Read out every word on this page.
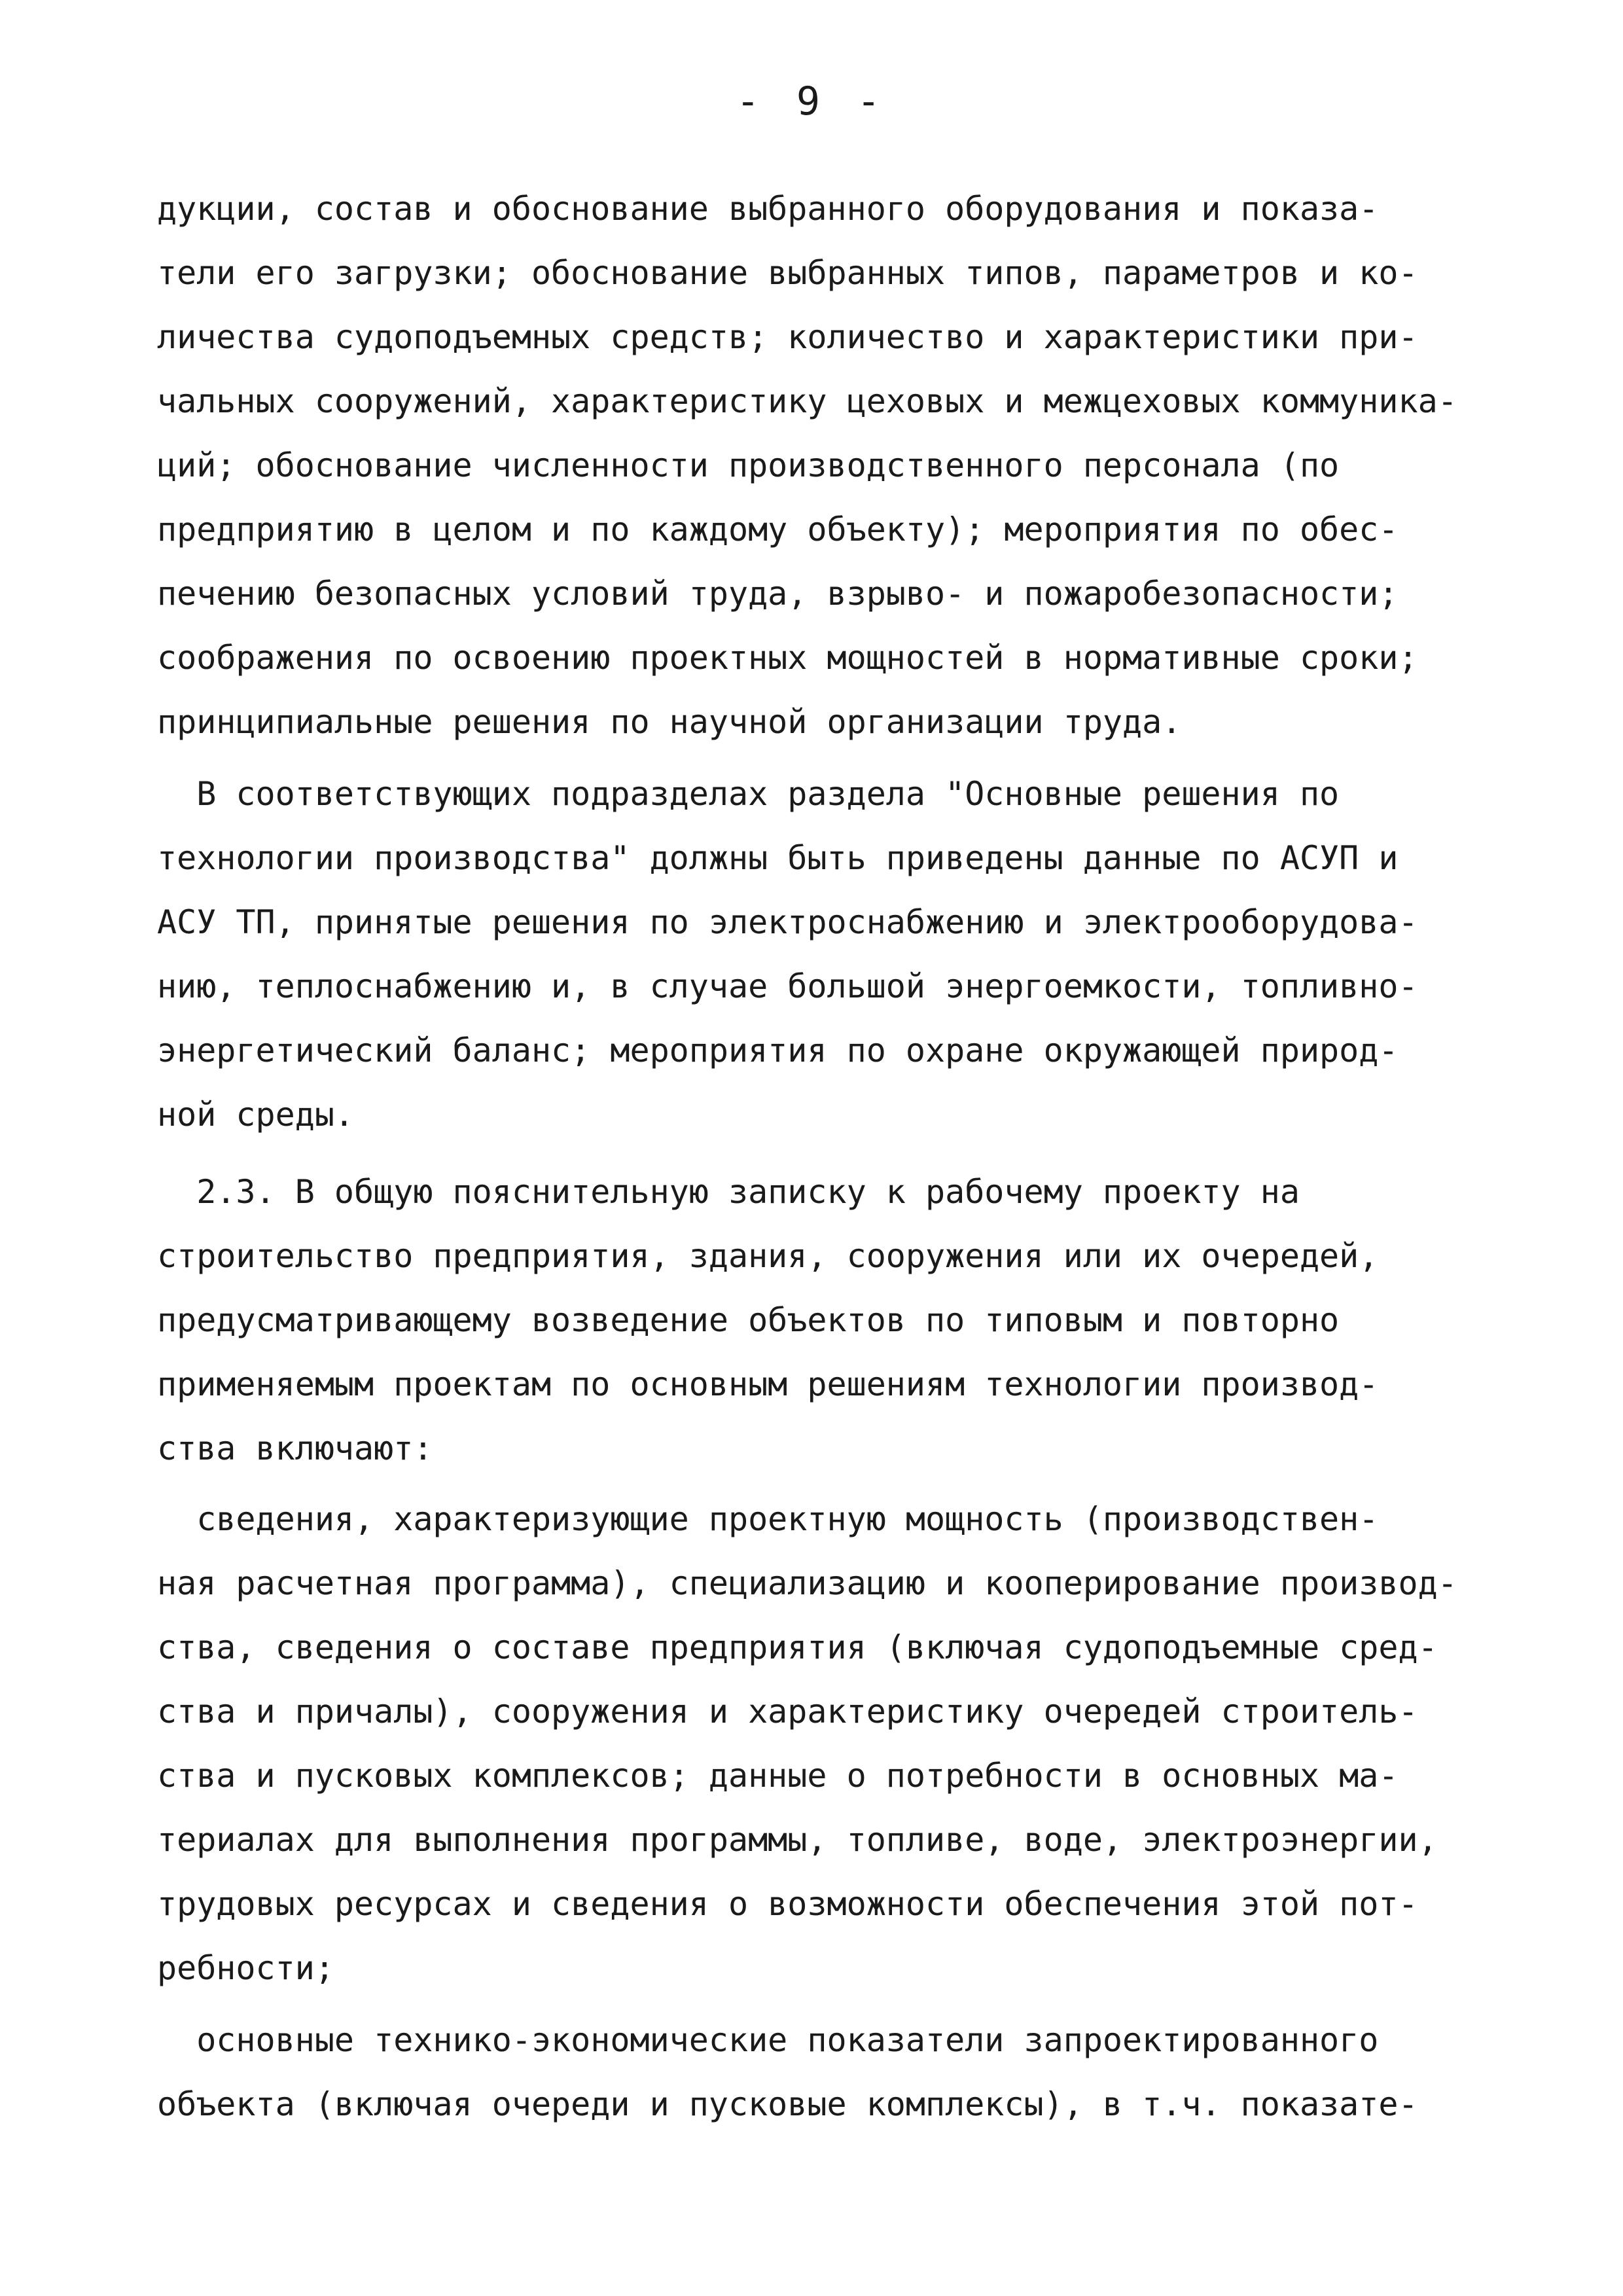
- 9 -
дукции, состав и обоснование выбранного оборудования и показа-
тели его загрузки; обоснование выбранных типов, параметров и ко-
личества судоподъемных средств; количество и характеристики при-
чальных сооружений, характеристику цеховых и межцеховых коммуника-
ций; обоснование численности производственного персонала (по
предприятию в целом и по каждому объекту); мероприятия по обес-
печению безопасных условий труда, взрыво- и пожаробезопасности;
соображения по освоению проектных мощностей в нормативные сроки;
принципиальные решения по научной организации труда.
В соответствующих подразделах раздела "Основные решения по
технологии производства" должны быть приведены данные по АСУП и
АСУ ТП, принятые решения по электроснабжению и электрооборудова-
нию, теплоснабжению и, в случае большой энергоемкости, топливно-
энергетический баланс; мероприятия по охране окружающей природ-
ной среды.
2.3. В общую пояснительную записку к рабочему проекту на
строительство предприятия, здания, сооружения или их очередей,
предусматривающему возведение объектов по типовым и повторно
применяемым проектам по основным решениям технологии производ-
ства включают:
сведения, характеризующие проектную мощность (производствен-
ная расчетная программа), специализацию и кооперирование производ-
ства, сведения о составе предприятия (включая судоподъемные сред-
ства и причалы), сооружения и характеристику очередей строитель-
ства и пусковых комплексов; данные о потребности в основных ма-
териалах для выполнения программы, топливе, воде, электроэнергии,
трудовых ресурсах и сведения о возможности обеспечения этой пот-
ребности;
основные технико-экономические показатели запроектированного
объекта (включая очереди и пусковые комплексы), в т.ч. показате-
